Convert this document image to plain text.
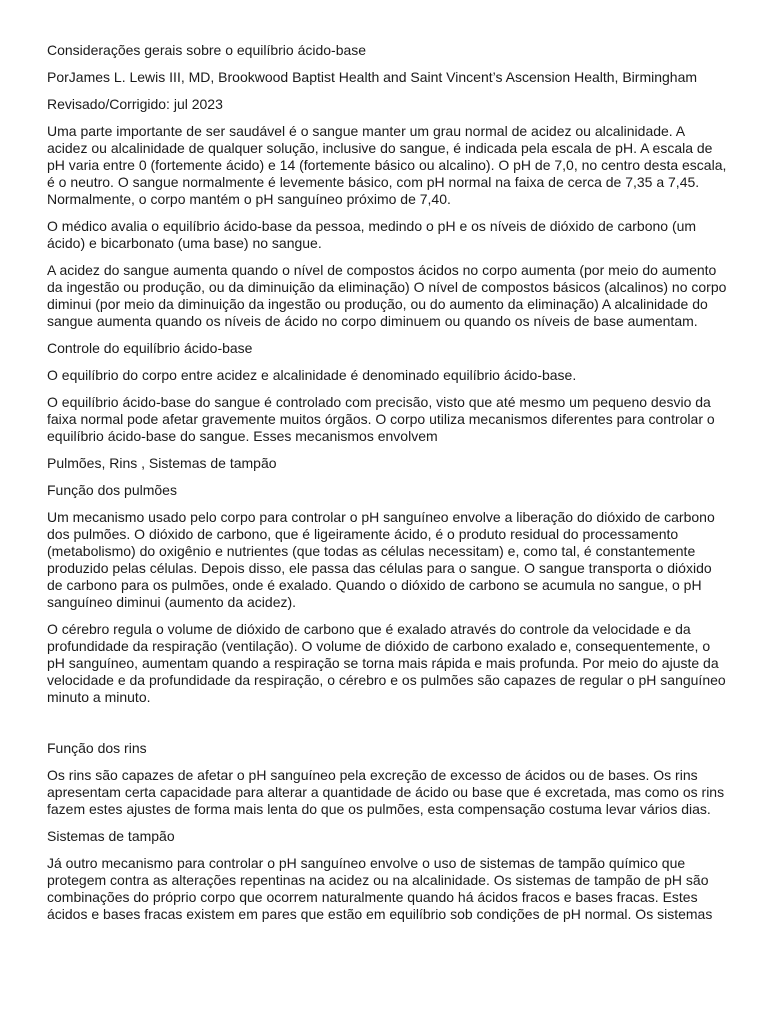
Considerações gerais sobre o equilíbrio ácido-base

PorJames L. Lewis III, MD, Brookwood Baptist Health and Saint Vincent’s Ascension Health, Birmingham

Revisado/Corrigido: jul 2023

Uma parte importante de ser saudável é o sangue manter um grau normal de acidez ou alcalinidade. A acidez ou alcalinidade de qualquer solução, inclusive do sangue, é indicada pela escala de pH. A escala de pH varia entre 0 (fortemente ácido) e 14 (fortemente básico ou alcalino). O pH de 7,0, no centro desta escala, é o neutro. O sangue normalmente é levemente básico, com pH normal na faixa de cerca de 7,35 a 7,45. Normalmente, o corpo mantém o pH sanguíneo próximo de 7,40.

O médico avalia o equilíbrio ácido-base da pessoa, medindo o pH e os níveis de dióxido de carbono (um ácido) e bicarbonato (uma base) no sangue.

A acidez do sangue aumenta quando o nível de compostos ácidos no corpo aumenta (por meio do aumento da ingestão ou produção, ou da diminuição da eliminação) O nível de compostos básicos (alcalinos) no corpo diminui (por meio da diminuição da ingestão ou produção, ou do aumento da eliminação) A alcalinidade do sangue aumenta quando os níveis de ácido no corpo diminuem ou quando os níveis de base aumentam.

Controle do equilíbrio ácido-base

O equilíbrio do corpo entre acidez e alcalinidade é denominado equilíbrio ácido-base.

O equilíbrio ácido-base do sangue é controlado com precisão, visto que até mesmo um pequeno desvio da faixa normal pode afetar gravemente muitos órgãos. O corpo utiliza mecanismos diferentes para controlar o equilíbrio ácido-base do sangue. Esses mecanismos envolvem

Pulmões, Rins , Sistemas de tampão

Função dos pulmões

Um mecanismo usado pelo corpo para controlar o pH sanguíneo envolve a liberação do dióxido de carbono dos pulmões. O dióxido de carbono, que é ligeiramente ácido, é o produto residual do processamento (metabolismo) do oxigênio e nutrientes (que todas as células necessitam) e, como tal, é constantemente produzido pelas células. Depois disso, ele passa das células para o sangue. O sangue transporta o dióxido de carbono para os pulmões, onde é exalado. Quando o dióxido de carbono se acumula no sangue, o pH sanguíneo diminui (aumento da acidez).

O cérebro regula o volume de dióxido de carbono que é exalado através do controle da velocidade e da profundidade da respiração (ventilação). O volume de dióxido de carbono exalado e, consequentemente, o pH sanguíneo, aumentam quando a respiração se torna mais rápida e mais profunda. Por meio do ajuste da velocidade e da profundidade da respiração, o cérebro e os pulmões são capazes de regular o pH sanguíneo minuto a minuto.

Função dos rins

Os rins são capazes de afetar o pH sanguíneo pela excreção de excesso de ácidos ou de bases. Os rins apresentam certa capacidade para alterar a quantidade de ácido ou base que é excretada, mas como os rins fazem estes ajustes de forma mais lenta do que os pulmões, esta compensação costuma levar vários dias.

Sistemas de tampão

Já outro mecanismo para controlar o pH sanguíneo envolve o uso de sistemas de tampão químico que protegem contra as alterações repentinas na acidez ou na alcalinidade. Os sistemas de tampão de pH são combinações do próprio corpo que ocorrem naturalmente quando há ácidos fracos e bases fracas. Estes ácidos e bases fracas existem em pares que estão em equilíbrio sob condições de pH normal. Os sistemas
